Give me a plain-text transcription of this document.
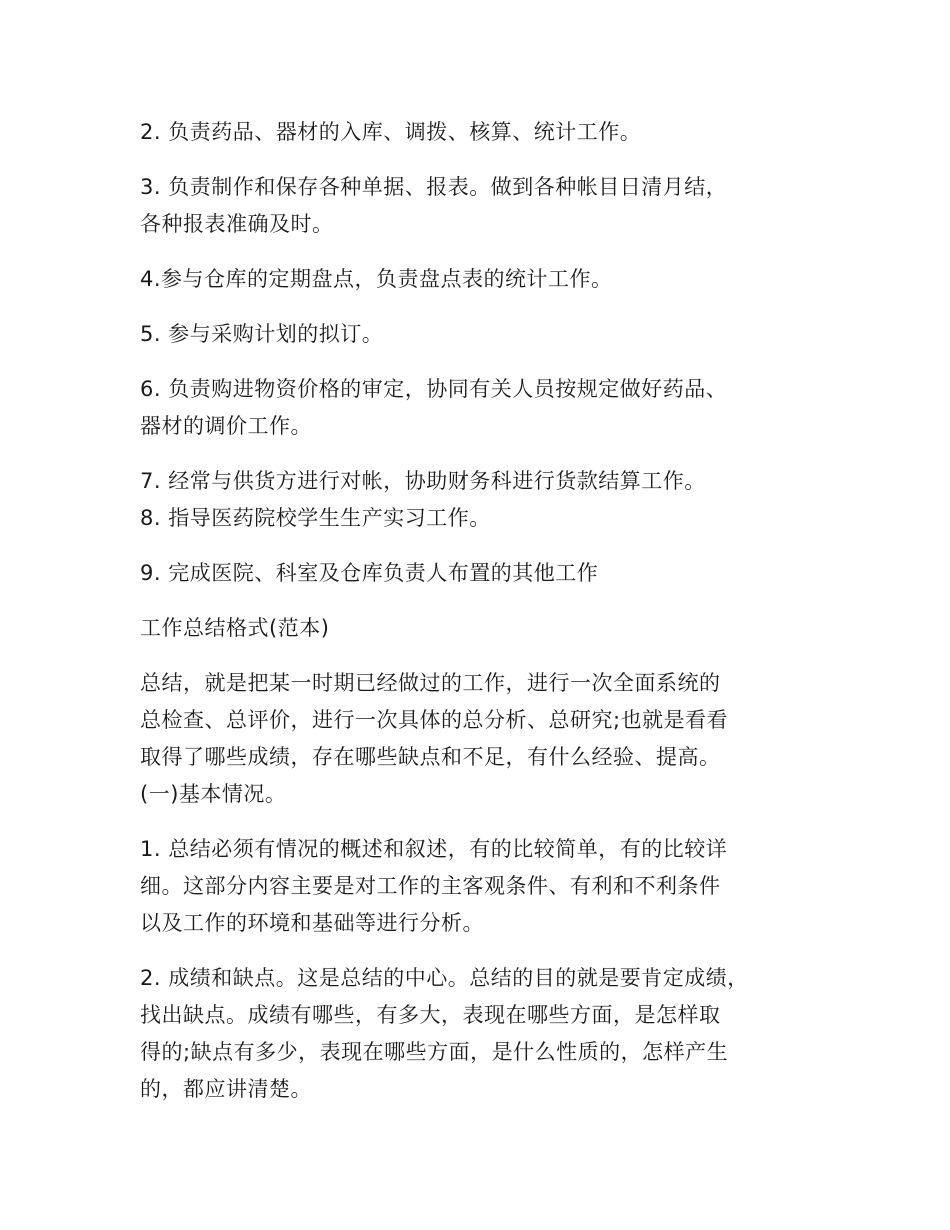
2. 负责药品、器材的入库、调拨、核算、统计工作。

3. 负责制作和保存各种单据、报表。做到各种帐目日清月结，
各种报表准确及时。

4.参与仓库的定期盘点，负责盘点表的统计工作。

5. 参与采购计划的拟订。

6. 负责购进物资价格的审定，协同有关人员按规定做好药品、
器材的调价工作。

7. 经常与供货方进行对帐，协助财务科进行货款结算工作。
8. 指导医药院校学生生产实习工作。

9. 完成医院、科室及仓库负责人布置的其他工作

工作总结格式(范本)

总结，就是把某一时期已经做过的工作，进行一次全面系统的
总检查、总评价，进行一次具体的总分析、总研究;也就是看看
取得了哪些成绩，存在哪些缺点和不足，有什么经验、提高。
(一)基本情况。

1. 总结必须有情况的概述和叙述，有的比较简单，有的比较详
细。这部分内容主要是对工作的主客观条件、有利和不利条件
以及工作的环境和基础等进行分析。

2. 成绩和缺点。这是总结的中心。总结的目的就是要肯定成绩，
找出缺点。成绩有哪些，有多大，表现在哪些方面，是怎样取
得的;缺点有多少，表现在哪些方面，是什么性质的，怎样产生
的，都应讲清楚。
